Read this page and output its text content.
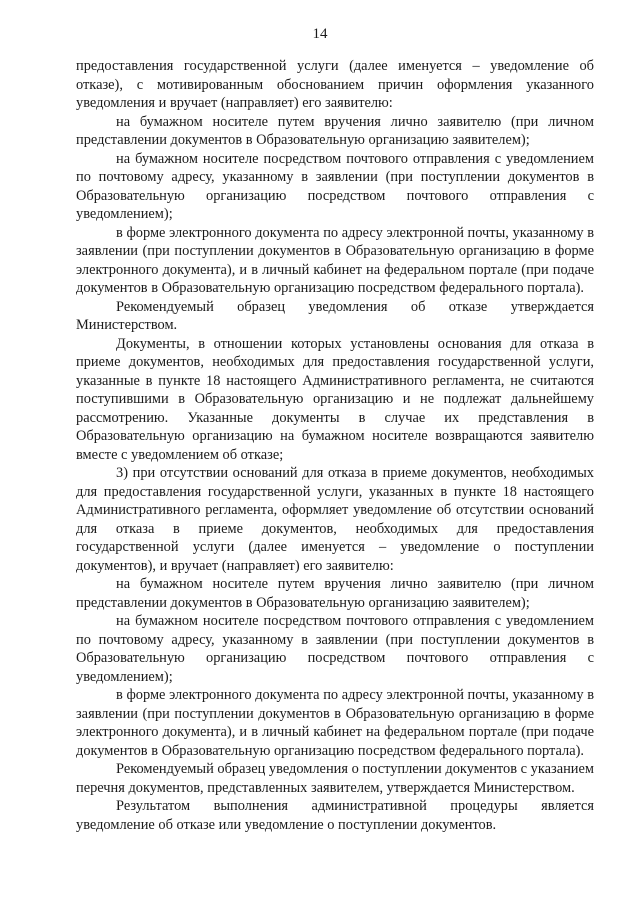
14

предоставления государственной услуги (далее именуется – уведомление об отказе), с мотивированным обоснованием причин оформления указанного уведомления и вручает (направляет) его заявителю:

на бумажном носителе путем вручения лично заявителю (при личном представлении документов в Образовательную организацию заявителем);

на бумажном носителе посредством почтового отправления с уведомлением по почтовому адресу, указанному в заявлении (при поступлении документов в Образовательную организацию посредством почтового отправления с уведомлением);

в форме электронного документа по адресу электронной почты, указанному в заявлении (при поступлении документов в Образовательную организацию в форме электронного документа), и в личный кабинет на федеральном портале (при подаче документов в Образовательную организацию посредством федерального портала).

Рекомендуемый образец уведомления об отказе утверждается Министерством.

Документы, в отношении которых установлены основания для отказа в приеме документов, необходимых для предоставления государственной услуги, указанные в пункте 18 настоящего Административного регламента, не считаются поступившими в Образовательную организацию и не подлежат дальнейшему рассмотрению. Указанные документы в случае их представления в Образовательную организацию на бумажном носителе возвращаются заявителю вместе с уведомлением об отказе;

3) при отсутствии оснований для отказа в приеме документов, необходимых для предоставления государственной услуги, указанных в пункте 18 настоящего Административного регламента, оформляет уведомление об отсутствии оснований для отказа в приеме документов, необходимых для предоставления государственной услуги (далее именуется – уведомление о поступлении документов), и вручает (направляет) его заявителю:

на бумажном носителе путем вручения лично заявителю (при личном представлении документов в Образовательную организацию заявителем);

на бумажном носителе посредством почтового отправления с уведомлением по почтовому адресу, указанному в заявлении (при поступлении документов в Образовательную организацию посредством почтового отправления с уведомлением);

в форме электронного документа по адресу электронной почты, указанному в заявлении (при поступлении документов в Образовательную организацию в форме электронного документа), и в личный кабинет на федеральном портале (при подаче документов в Образовательную организацию посредством федерального портала).

Рекомендуемый образец уведомления о поступлении документов с указанием перечня документов, представленных заявителем, утверждается Министерством.

Результатом выполнения административной процедуры является уведомление об отказе или уведомление о поступлении документов.
